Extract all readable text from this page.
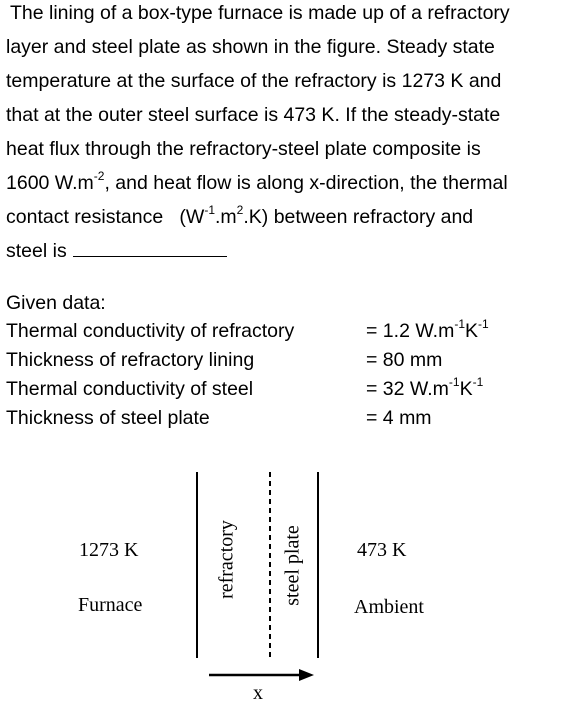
The lining of a box-type furnace is made up of a refractory
layer and steel plate as shown in the figure. Steady state
temperature at the surface of the refractory is 1273 K and
that at the outer steel surface is 473 K. If the steady-state
heat flux through the refractory-steel plate composite is
1600 $W.m^{-2}$, and heat flow is along x-direction, the thermal
contact resistance   $(W^{-1}.m^2.K)$ between refractory and
steel is
Given data:
Thermal conductivity of refractory	= 1.2 $W.m^{-1}K^{-1}$
Thickness of refractory lining	= 80 mm
Thermal conductivity of steel	= 32 $W.m^{-1}K^{-1}$
Thickness of steel plate	= 4 mm
1273 K
Furnace
473 K
Ambient
refractory steel plate
x
